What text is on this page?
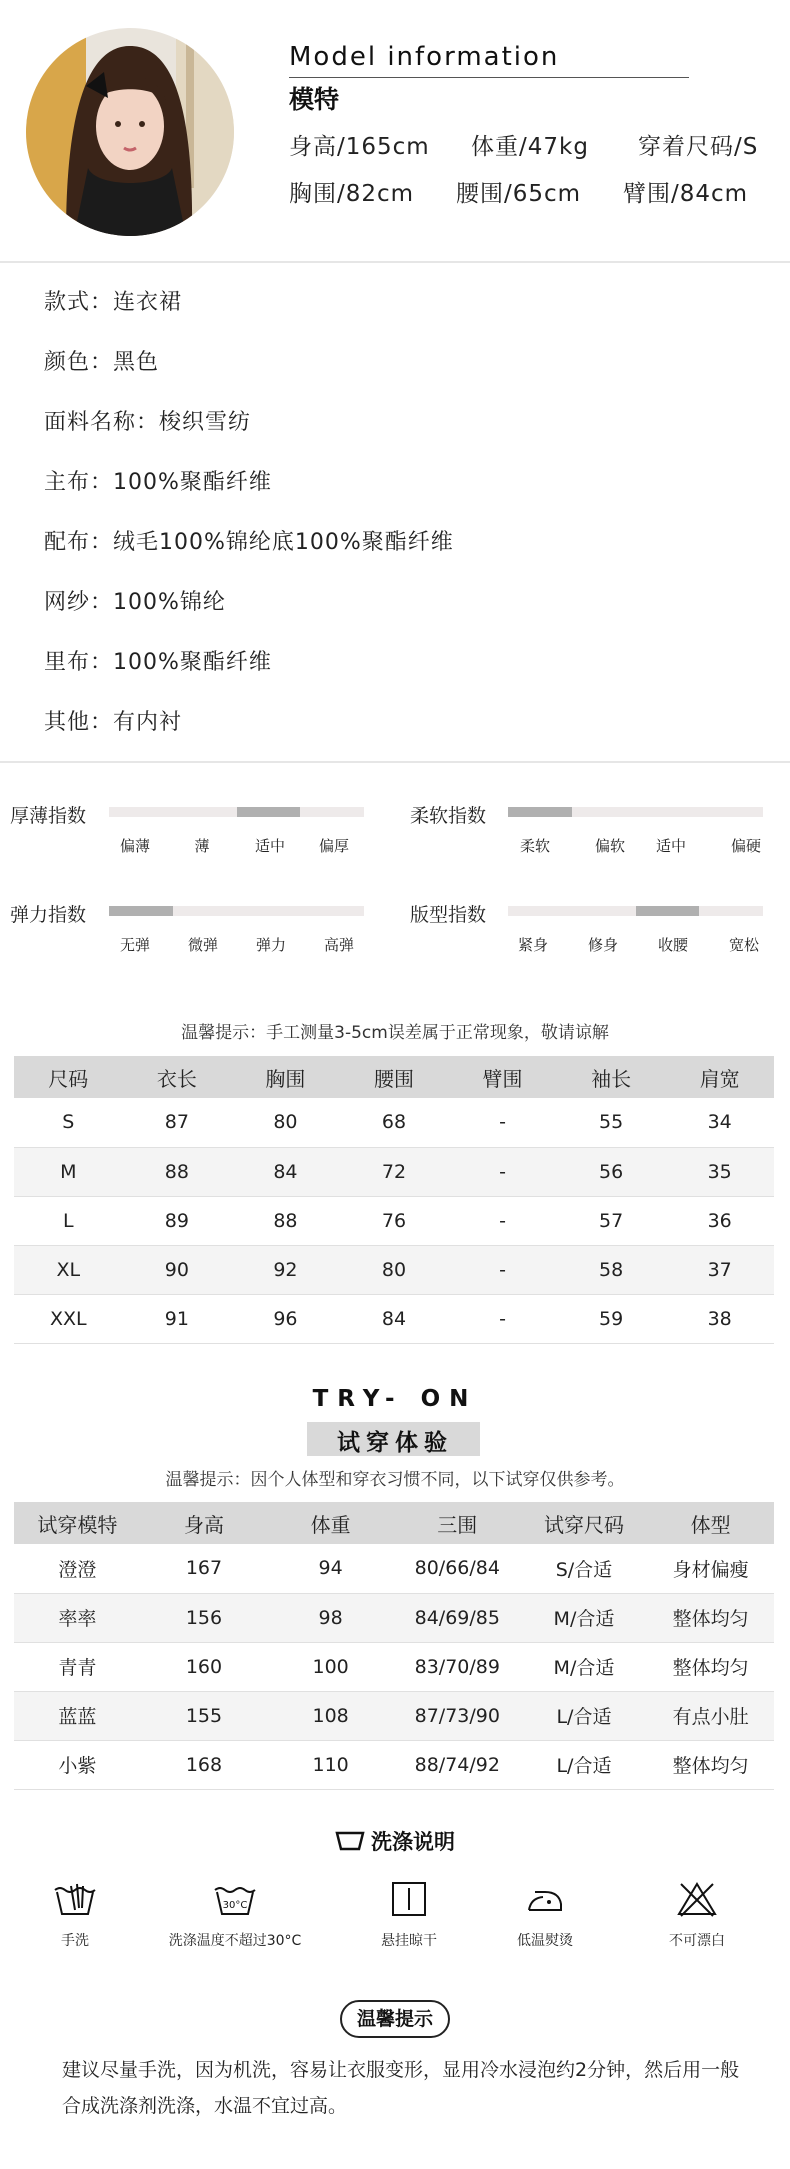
Model information
模特
身高/165cm 体重/47kg 穿着尺码/S
胸围/82cm 腰围/65cm 臂围/84cm
款式：连衣裙
颜色：黑色
面料名称：梭织雪纺
主布：100%聚酯纤维
配布：绒毛100%锦纶底100%聚酯纤维
网纱：100%锦纶
里布：100%聚酯纤维
其他：有内衬
厚薄指数
偏薄	薄	适中	偏厚
柔软指数
柔软	偏软	适中	偏硬
弹力指数
无弹	微弹	弹力	高弹
版型指数
紧身	修身	收腰	宽松
温馨提示：手工测量3-5cm误差属于正常现象，敬请谅解
尺码	衣长	胸围	腰围	臂围	袖长	肩宽
S	87	80	68	-	55	34
M	88	84	72	-	56	35
L	89	88	76	-	57	36
XL	90	92	80	-	58	37
XXL	91	96	84	-	59	38
TRY- ON
试穿体验
温馨提示：因个人体型和穿衣习惯不同，以下试穿仅供参考。
试穿模特	身高	体重	三围	试穿尺码	体型
澄澄	167	94	80/66/84	S/合适	身材偏瘦
率率	156	98	84/69/85	M/合适	整体均匀
青青	160	100	83/70/89	M/合适	整体均匀
蓝蓝	155	108	87/73/90	L/合适	有点小肚
小紫	168	110	88/74/92	L/合适	整体均匀
洗涤说明
手洗
30°C
洗涤温度不超过30°C	悬挂晾干	低温熨烫	不可漂白
温馨提示
建议尽量手洗，因为机洗，容易让衣服变形，显用冷水浸泡约2分钟，然后用一般合成洗涤剂洗涤，水温不宜过高。
